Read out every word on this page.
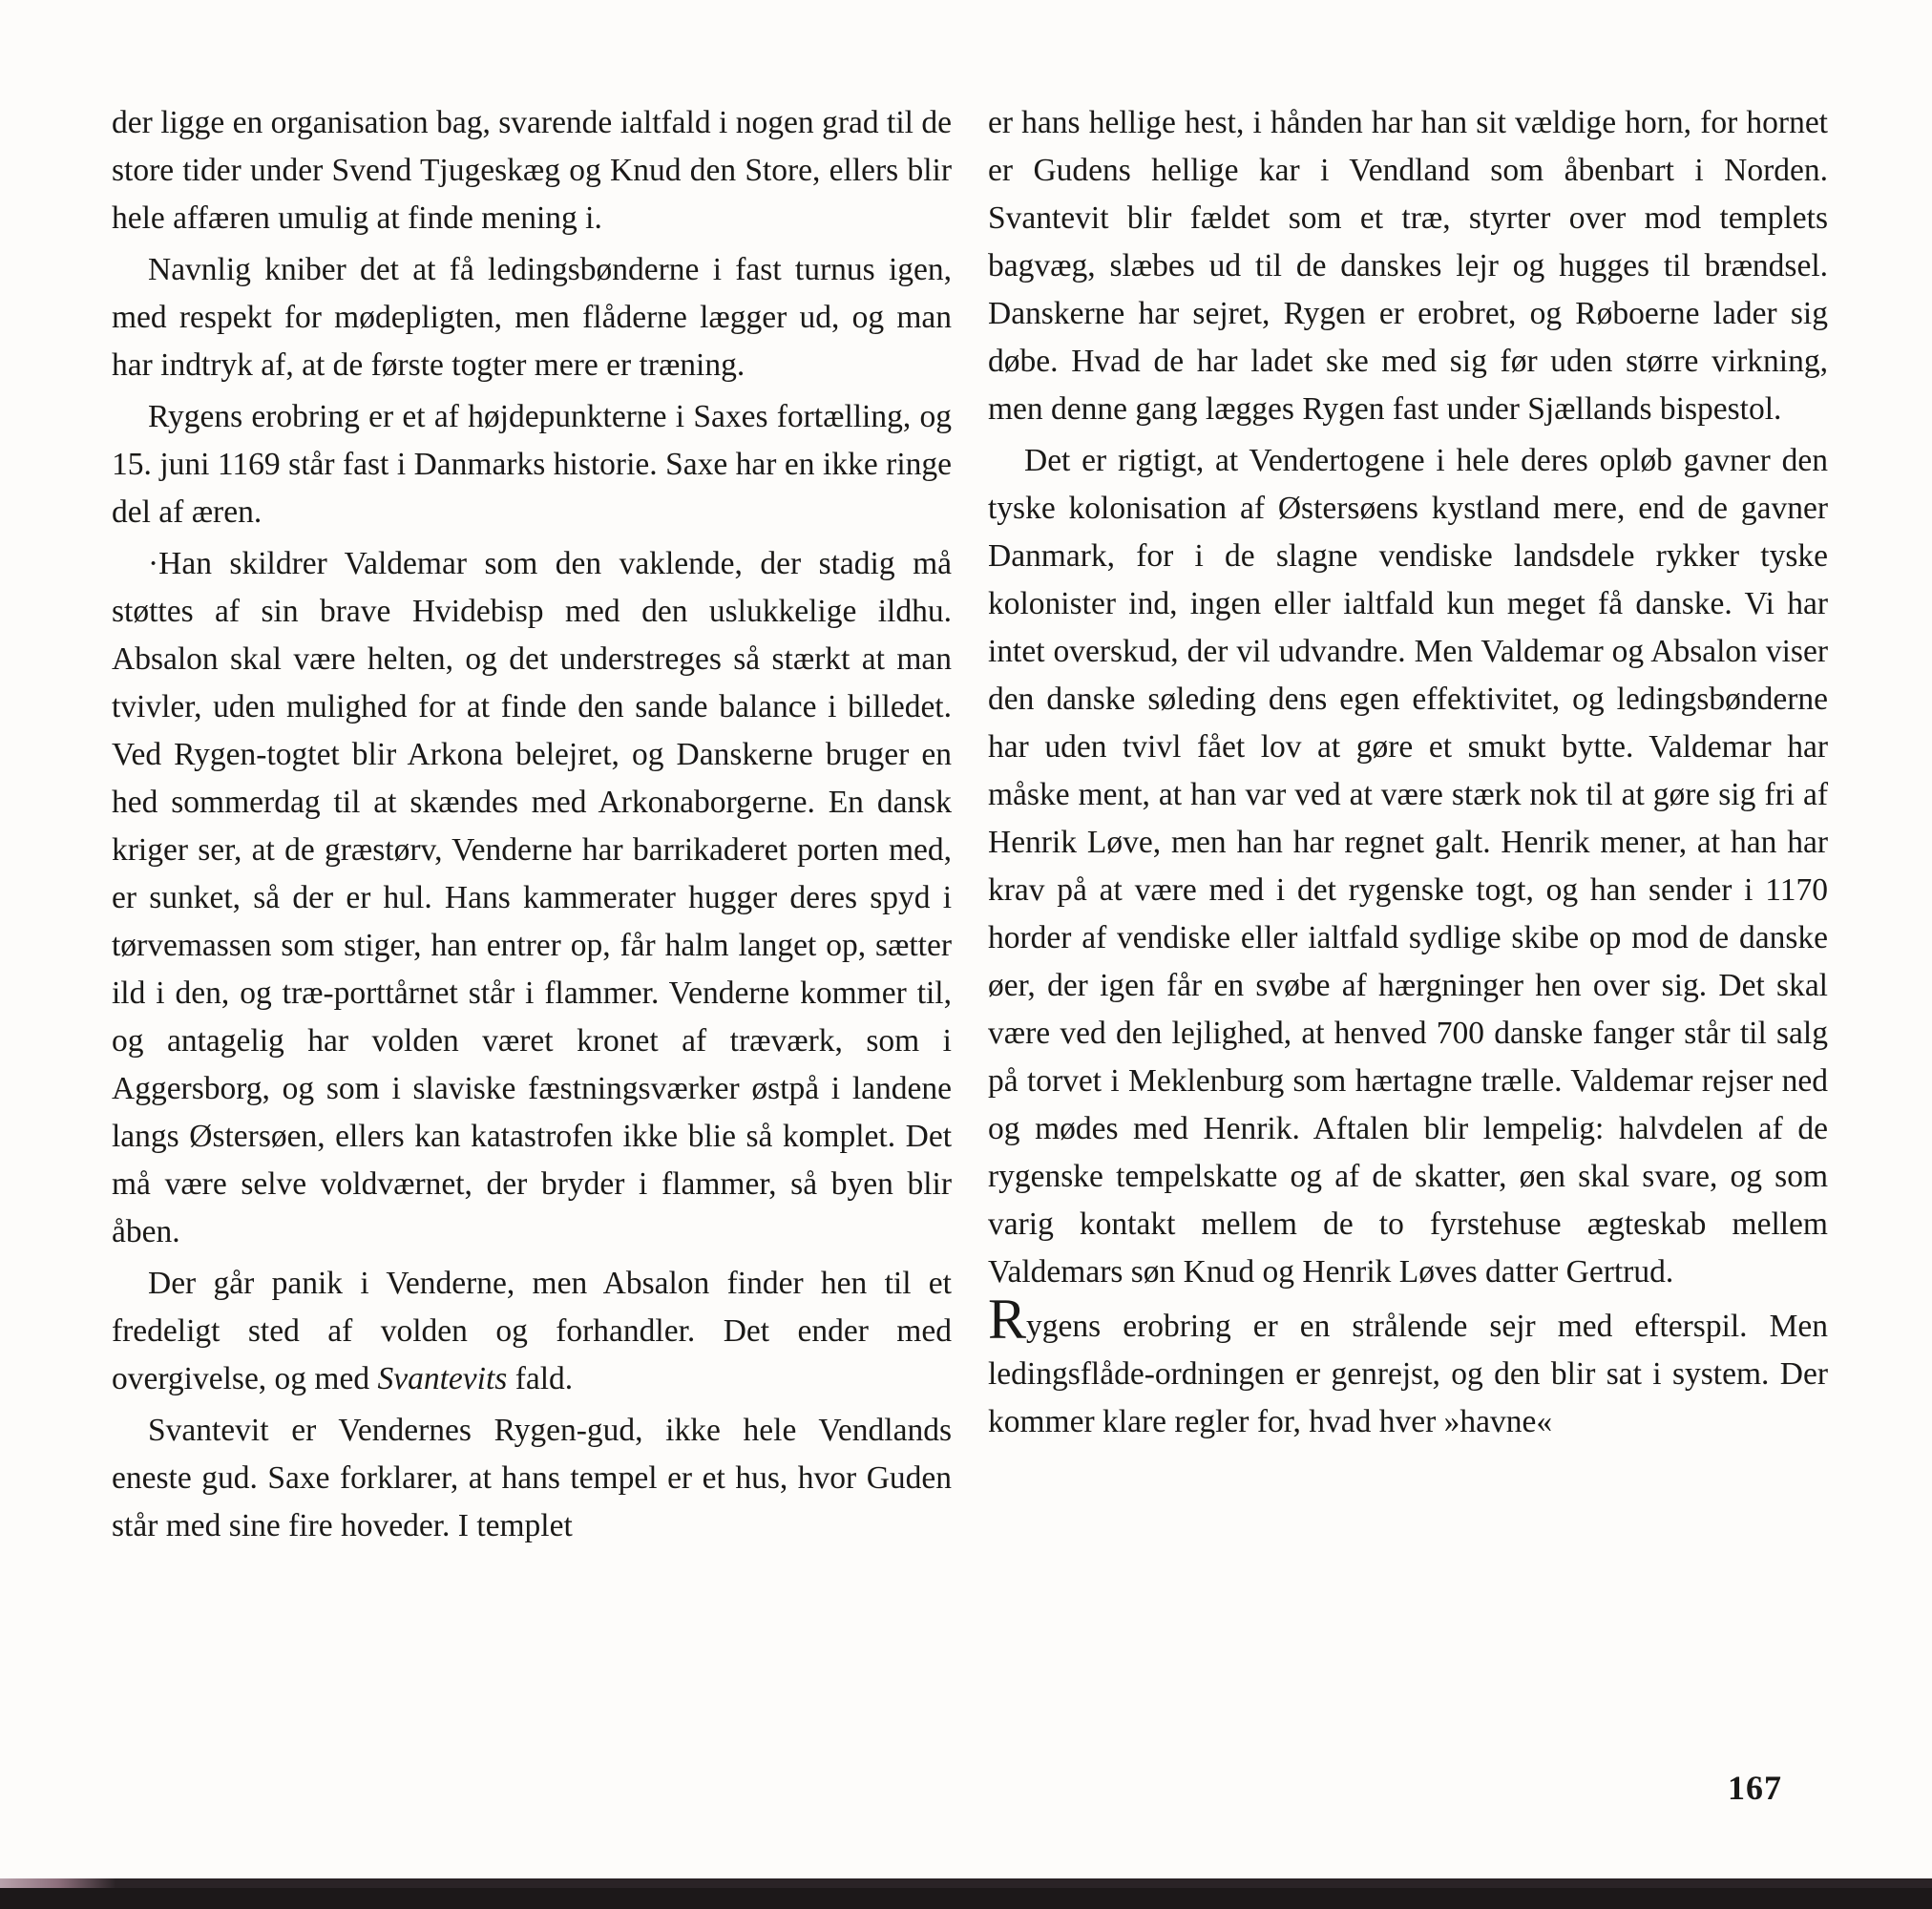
der ligge en organisation bag, svarende ialtfald i nogen grad til de store tider under Svend Tjugeskæg og Knud den Store, ellers blir hele affæren umulig at finde mening i.

Navnlig kniber det at få ledingsbønderne i fast turnus igen, med respekt for mødepligten, men flåderne lægger ud, og man har indtryk af, at de første togter mere er træning.

Rygens erobring er et af højdepunkterne i Saxes fortælling, og 15. juni 1169 står fast i Danmarks historie. Saxe har en ikke ringe del af æren.

·Han skildrer Valdemar som den vaklende, der stadig må støttes af sin brave Hvidebisp med den uslukkelige ildhu. Absalon skal være helten, og det understreges så stærkt at man tvivler, uden mulighed for at finde den sande balance i billedet. Ved Rygen-togtet blir Arkona belejret, og Danskerne bruger en hed sommerdag til at skændes med Arkonaborgerne. En dansk kriger ser, at de græstørv, Venderne har barrikaderet porten med, er sunket, så der er hul. Hans kammerater hugger deres spyd i tørvemassen som stiger, han entrer op, får halm langet op, sætter ild i den, og træ-porttårnet står i flammer. Venderne kommer til, og antagelig har volden været kronet af træværk, som i Aggersborg, og som i slaviske fæstningsværker østpå i landene langs Østersøen, ellers kan katastrofen ikke blie så komplet. Det må være selve voldværnet, der bryder i flammer, så byen blir åben.

Der går panik i Venderne, men Absalon finder hen til et fredeligt sted af volden og forhandler. Det ender med overgivelse, og med Svantevits fald.

Svantevit er Vendernes Rygen-gud, ikke hele Vendlands eneste gud. Saxe forklarer, at hans tempel er et hus, hvor Guden står med sine fire hoveder. I templet

er hans hellige hest, i hånden har han sit vældige horn, for hornet er Gudens hellige kar i Vendland som åbenbart i Norden. Svantevit blir fældet som et træ, styrter over mod templets bagvæg, slæbes ud til de danskes lejr og hugges til brændsel. Danskerne har sejret, Rygen er erobret, og Røboerne lader sig døbe. Hvad de har ladet ske med sig før uden større virkning, men denne gang lægges Rygen fast under Sjællands bispestol.

Det er rigtigt, at Vendertogene i hele deres opløb gavner den tyske kolonisation af Østersøens kystland mere, end de gavner Danmark, for i de slagne vendiske landsdele rykker tyske kolonister ind, ingen eller ialtfald kun meget få danske. Vi har intet overskud, der vil udvandre. Men Valdemar og Absalon viser den danske søleding dens egen effektivitet, og ledingsbønderne har uden tvivl fået lov at gøre et smukt bytte. Valdemar har måske ment, at han var ved at være stærk nok til at gøre sig fri af Henrik Løve, men han har regnet galt. Henrik mener, at han har krav på at være med i det rygenske togt, og han sender i 1170 horder af vendiske eller ialtfald sydlige skibe op mod de danske øer, der igen får en svøbe af hærgninger hen over sig. Det skal være ved den lejlighed, at henved 700 danske fanger står til salg på torvet i Meklenburg som hærtagne trælle. Valdemar rejser ned og mødes med Henrik. Aftalen blir lempelig: halvdelen af de rygenske tempelskatte og af de skatter, øen skal svare, og som varig kontakt mellem de to fyrstehuse ægteskab mellem Valdemars søn Knud og Henrik Løves datter Gertrud.

Rygens erobring er en strålende sejr med efterspil. Men ledingsflåde-ordningen er genrejst, og den blir sat i system. Der kommer klare regler for, hvad hver »havne«

167
